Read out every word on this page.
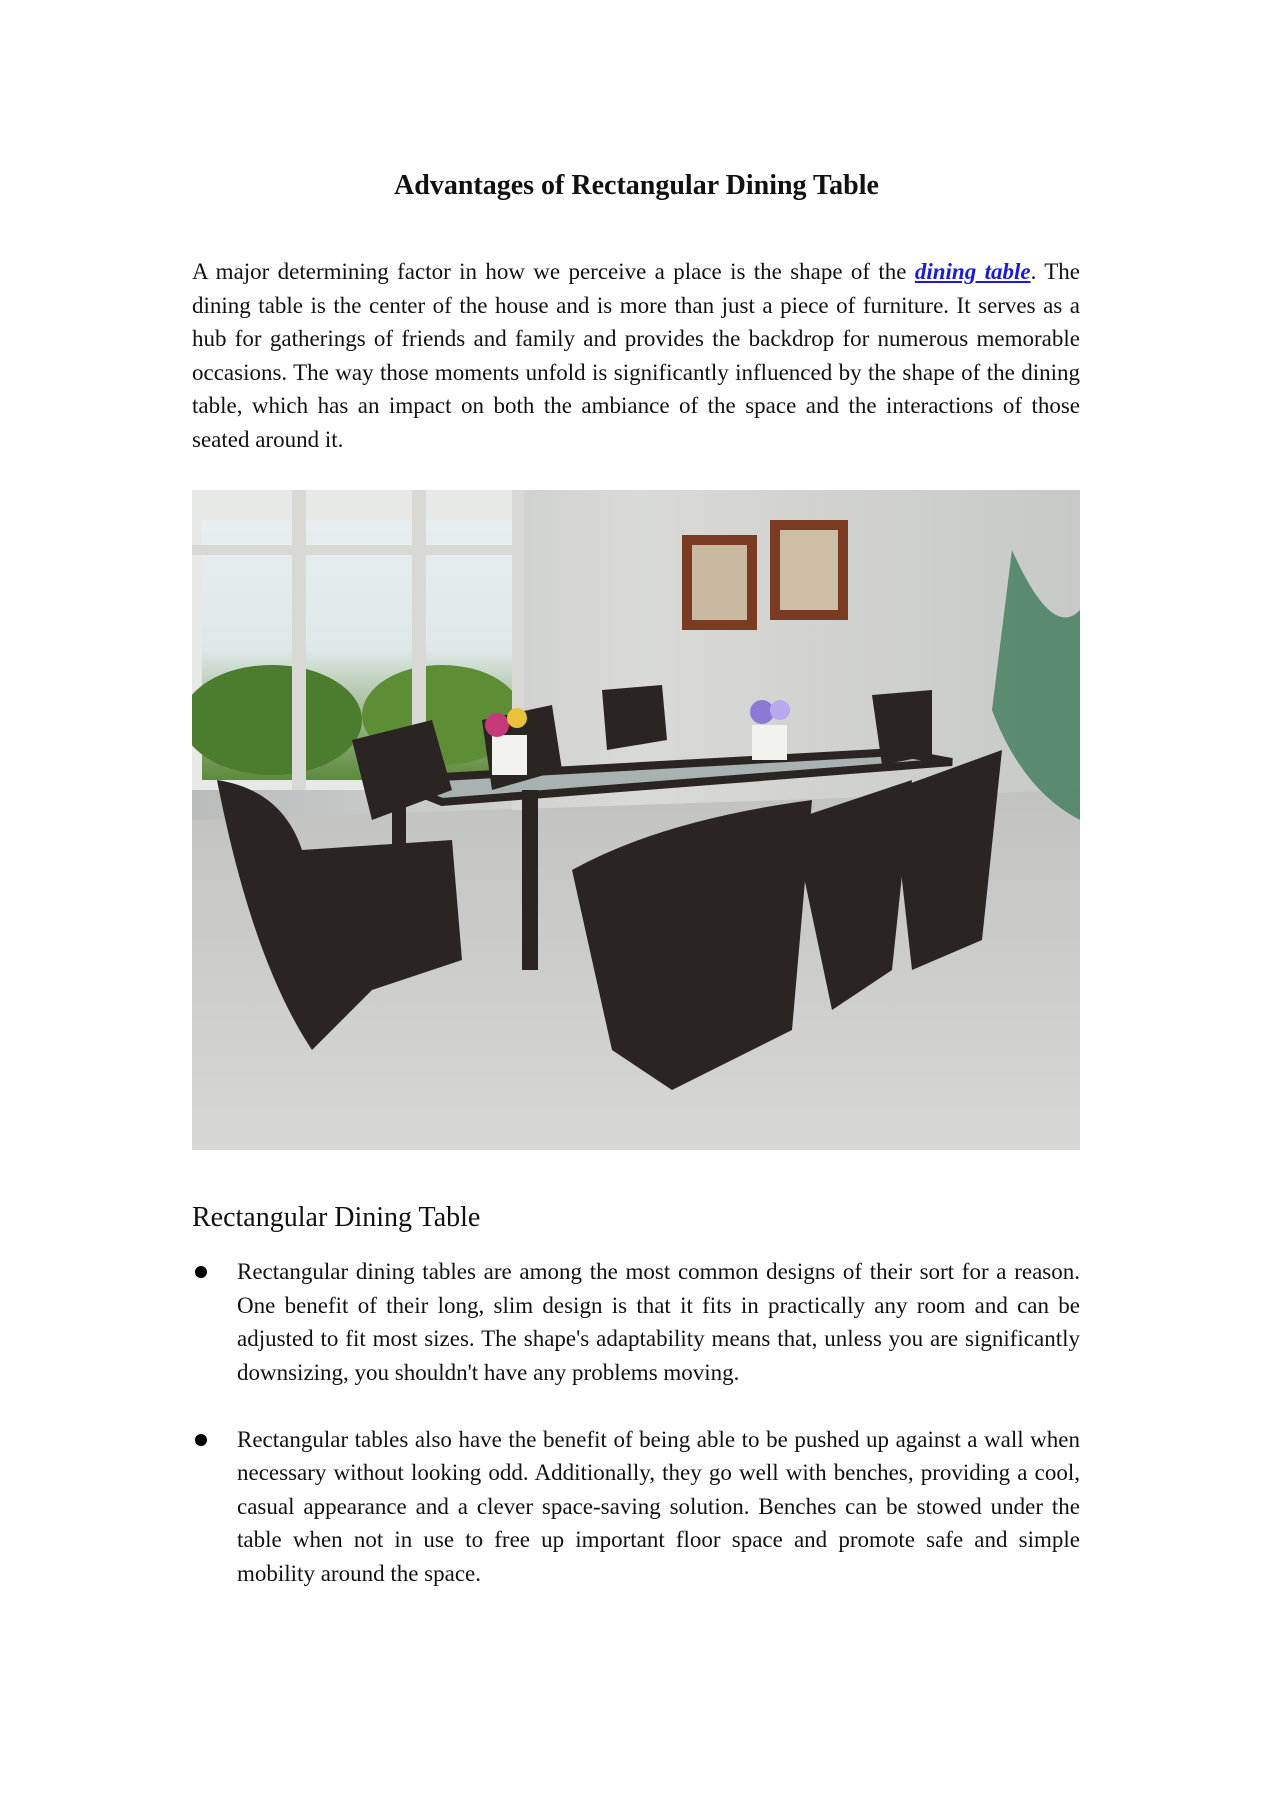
Advantages of Rectangular Dining Table

A major determining factor in how we perceive a place is the shape of the dining table. The dining table is the center of the house and is more than just a piece of furniture. It serves as a hub for gatherings of friends and family and provides the backdrop for numerous memorable occasions. The way those moments unfold is significantly influenced by the shape of the dining table, which has an impact on both the ambiance of the space and the interactions of those seated around it.

Rectangular Dining Table
Rectangular dining tables are among the most common designs of their sort for a reason. One benefit of their long, slim design is that it fits in practically any room and can be adjusted to fit most sizes. The shape's adaptability means that, unless you are significantly downsizing, you shouldn't have any problems moving.
Rectangular tables also have the benefit of being able to be pushed up against a wall when necessary without looking odd. Additionally, they go well with benches, providing a cool, casual appearance and a clever space-saving solution. Benches can be stowed under the table when not in use to free up important floor space and promote safe and simple mobility around the space.
